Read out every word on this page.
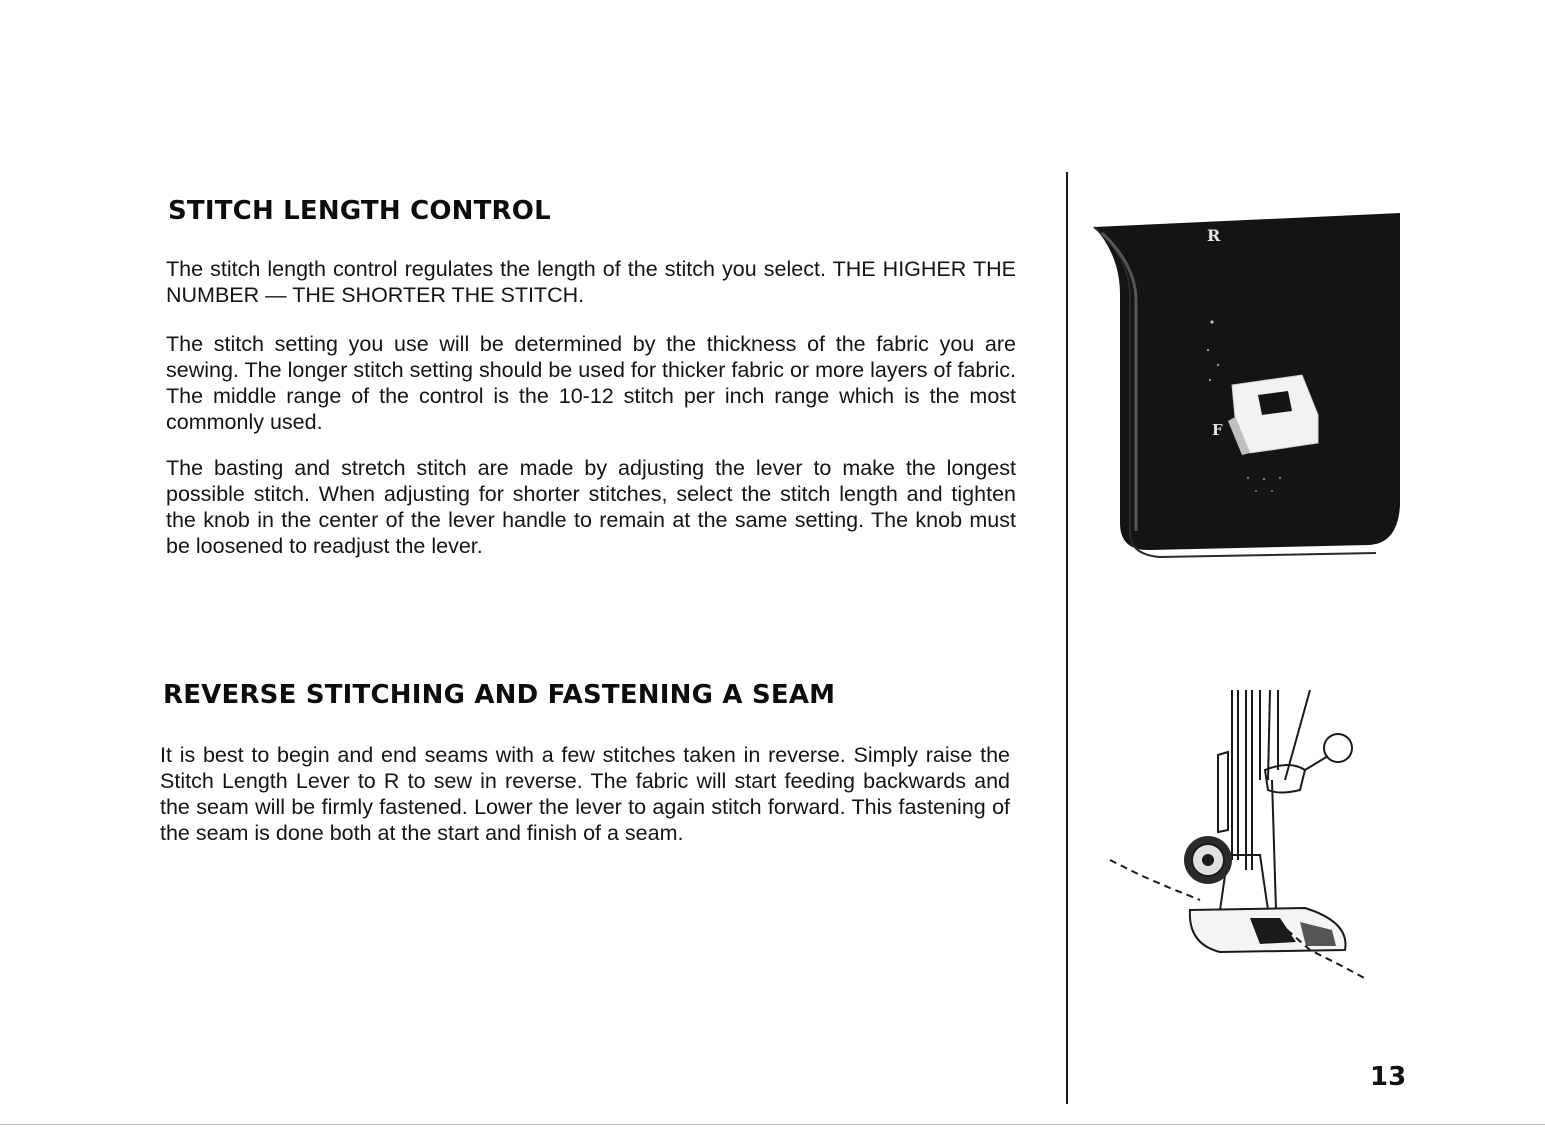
STITCH LENGTH CONTROL

The stitch length control regulates the length of the stitch you select. THE HIGHER THE NUMBER — THE SHORTER THE STITCH.

The stitch setting you use will be determined by the thickness of the fabric you are sewing. The longer stitch setting should be used for thicker fabric or more layers of fabric. The middle range of the control is the 10-12 stitch per inch range which is the most commonly used.

The basting and stretch stitch are made by adjusting the lever to make the longest possible stitch. When adjusting for shorter stitches, select the stitch length and tighten the knob in the center of the lever handle to remain at the same setting. The knob must be loosened to readjust the lever.

REVERSE STITCHING AND FASTENING A SEAM

It is best to begin and end seams with a few stitches taken in reverse. Simply raise the Stitch Length Lever to R to sew in reverse. The fabric will start feeding backwards and the seam will be firmly fastened. Lower the lever to again stitch forward. This fastening of the seam is done both at the start and finish of a seam.

R
F
13
